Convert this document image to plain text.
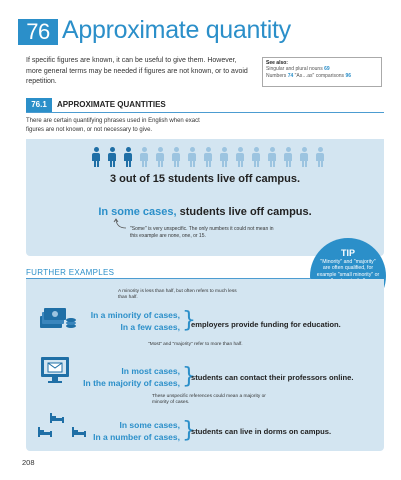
76 Approximate quantity
If specific figures are known, it can be useful to give them. However, more general terms may be needed if figures are not known, or to avoid repetition.
See also:
Singular and plural nouns 69
Numbers 74 "As…as" comparisons 96
76.1	APPROXIMATE QUANTITIES
There are certain quantifying phrases used in English when exact figures are not known, or not necessary to give.
3 out of 15 students live off campus.
In some cases, students live off campus.
"Some" is very unspecific. The only numbers it could not mean in this example are none, one, or 15.
TIP
"Minority" and "majority" are often qualified, for example "small minority" or
FURTHER EXAMPLES
A minority is less than half, but often refers to much less than half.
In a minority of cases,
In a few cases, }
employers provide funding for education.
"Most" and "majority" refer to more than half.
In most cases,
In the majority of cases, }
students can contact their professors online.
These unspecific references could mean a majority or minority of cases.
In some cases,
In a number of cases, }
students can live in dorms on campus.
208
